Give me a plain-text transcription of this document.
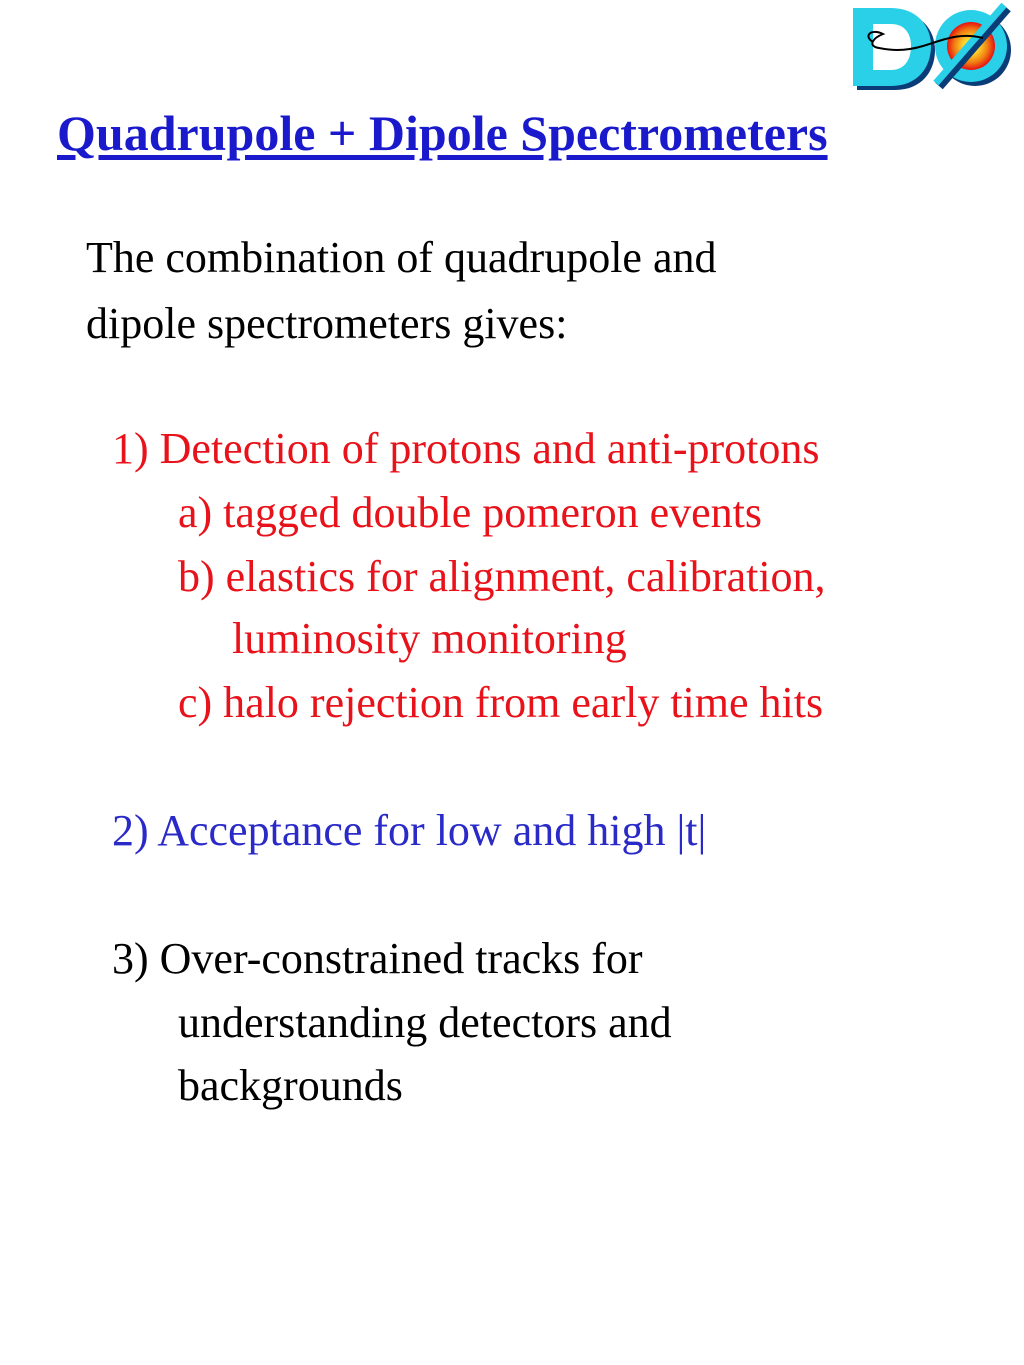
Quadrupole + Dipole Spectrometers
The combination of quadrupole and
dipole spectrometers gives:
1) Detection of protons and anti-protons
a) tagged double pomeron events
b) elastics for alignment, calibration,
luminosity monitoring
c) halo rejection from early time hits
2) Acceptance for low and high |t|
3) Over-constrained tracks for
understanding detectors and
backgrounds
